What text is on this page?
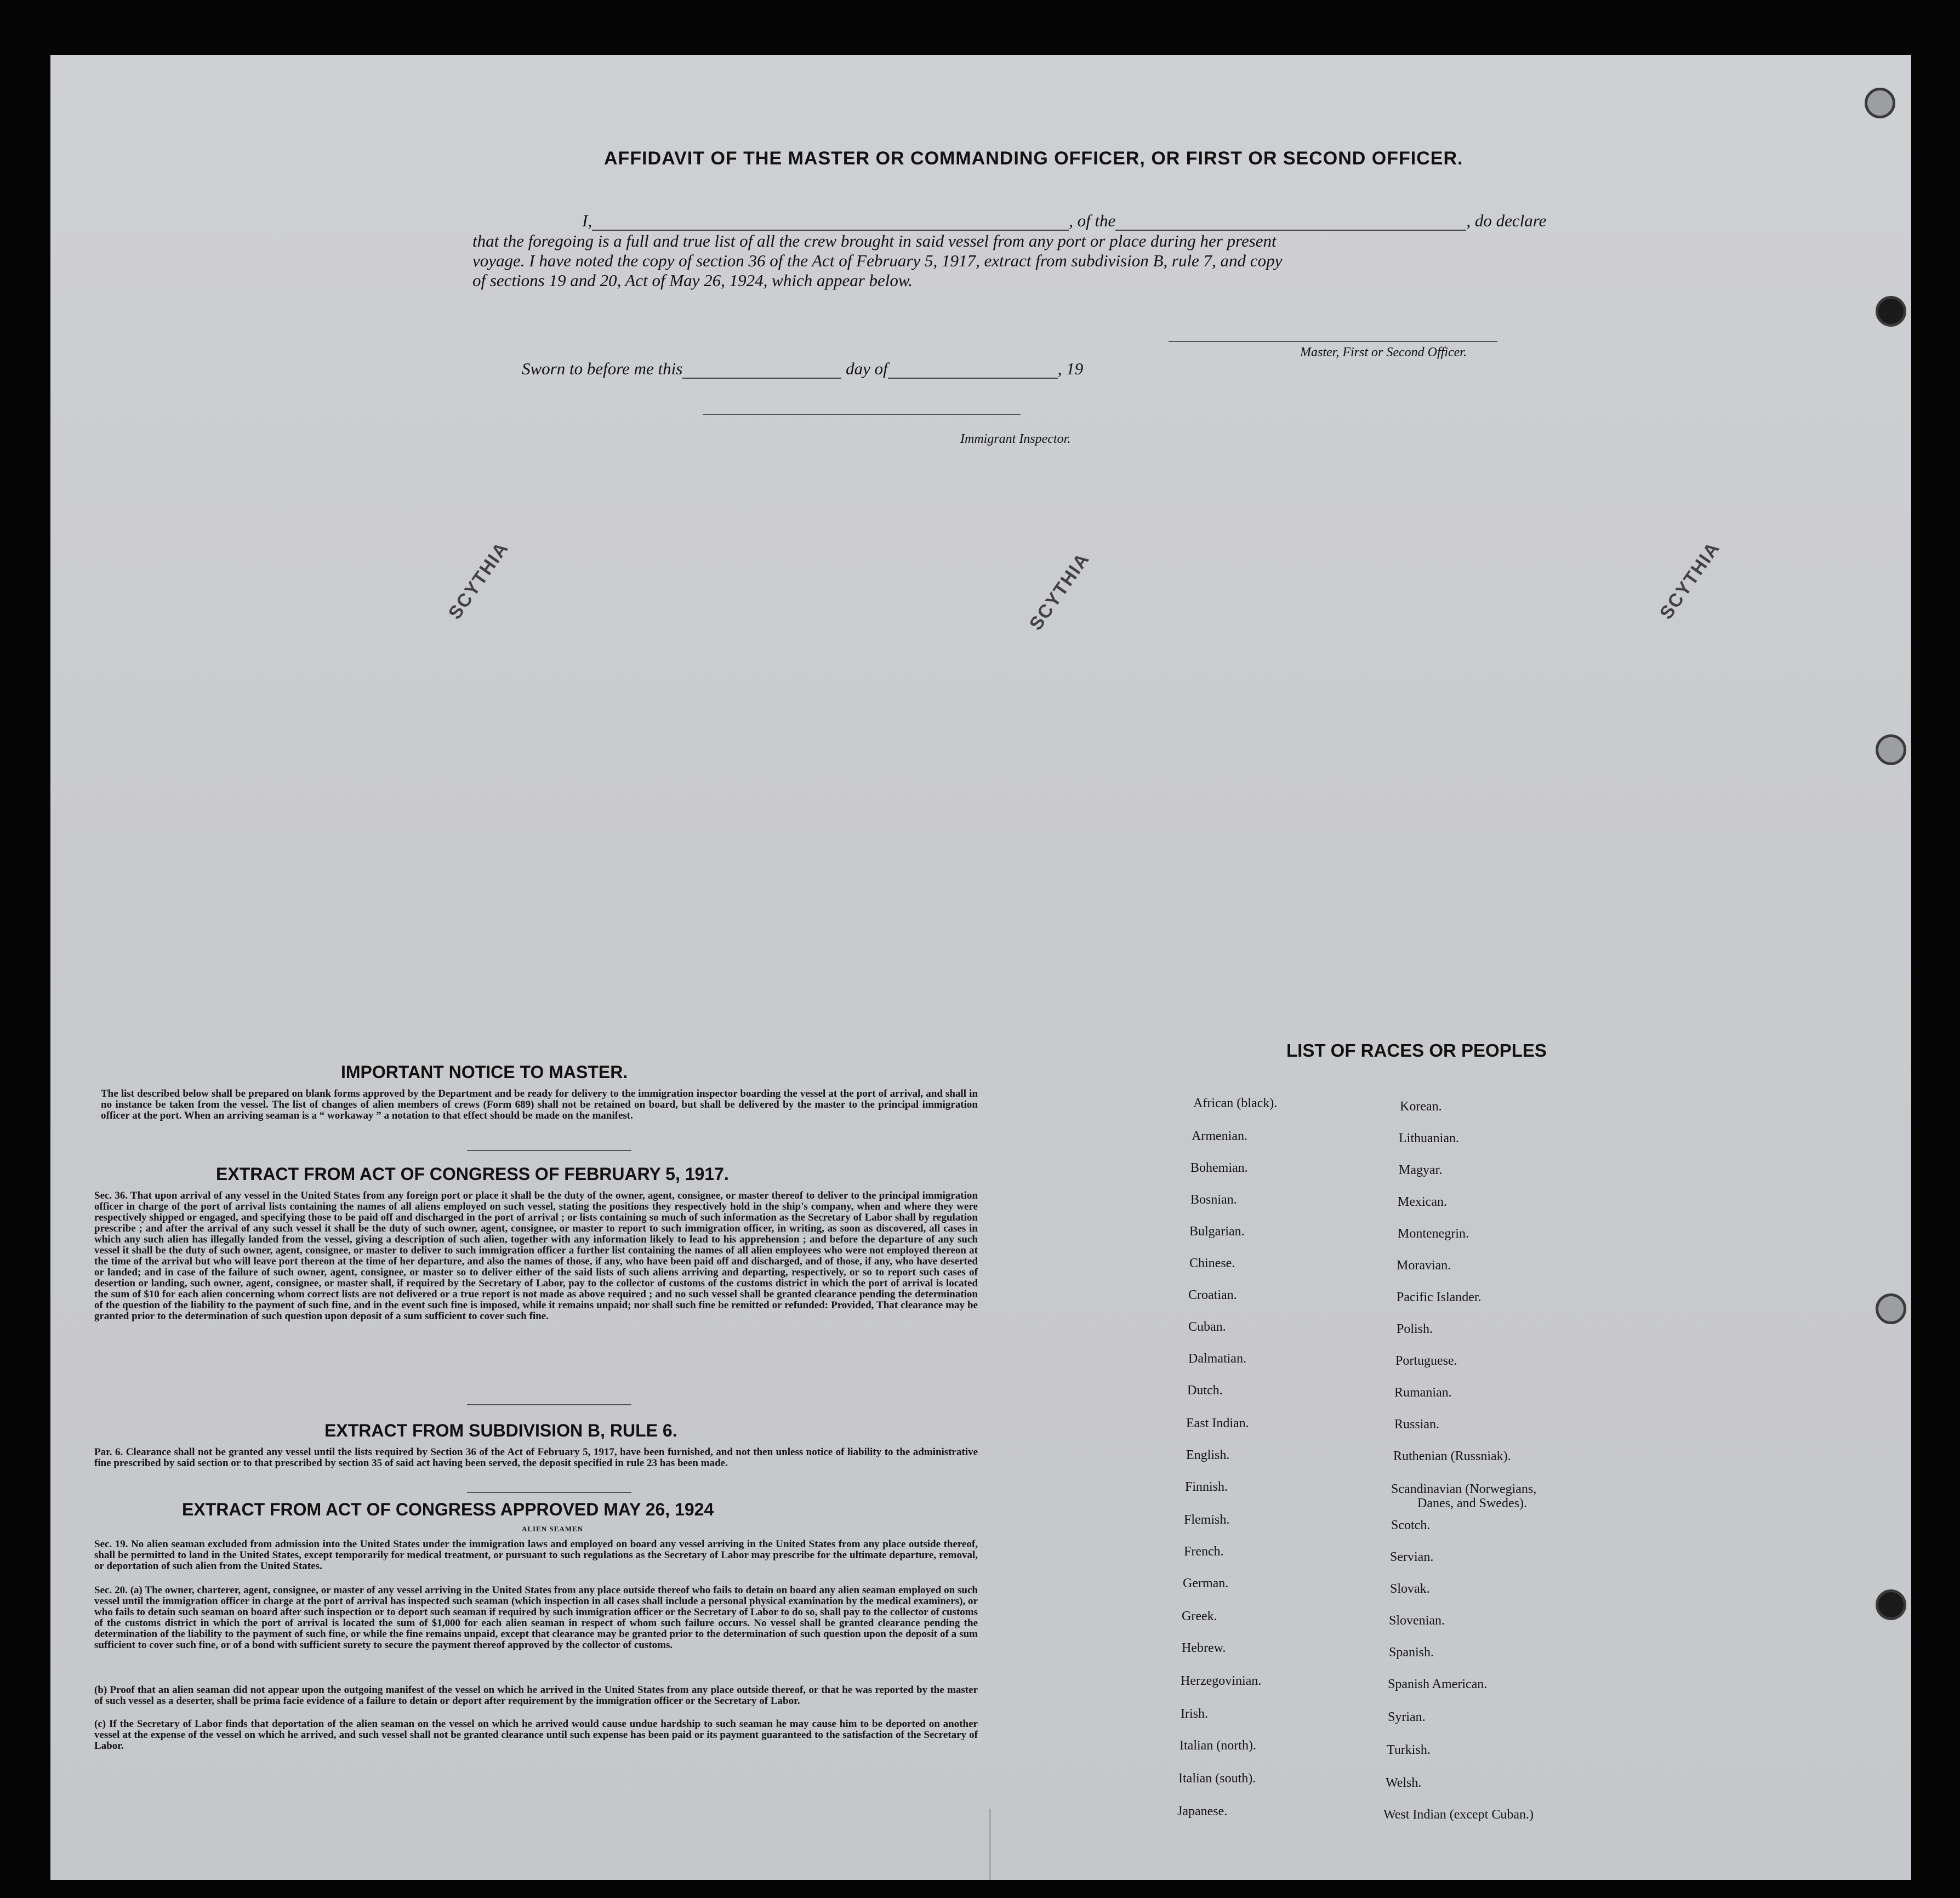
AFFIDAVIT OF THE MASTER OR COMMANDING OFFICER, OR FIRST OR SECOND OFFICER.
I,	, of the	, do declare
that the foregoing is a full and true list of all the crew brought in said vessel from any port or place during her present
voyage. I have noted the copy of section 36 of the Act of February 5, 1917, extract from subdivision B, rule 7, and copy
of sections 19 and 20, Act of May 26, 1924, which appear below.
Master, First or Second Officer.
Sworn to before me this	day of	, 19
Immigrant Inspector.
SCYTHIA	SCYTHIA	SCYTHIA
IMPORTANT NOTICE TO MASTER.
The list described below shall be prepared on blank forms approved by the Department and be ready for delivery to the immigration inspector boarding the vessel at the port of arrival, and shall in no instance be taken from the vessel. The list of changes of alien members of crews (Form 689) shall not be retained on board, but shall be delivered by the master to the principal immigration officer at the port. When an arriving seaman is a “ workaway ” a notation to that effect should be made on the manifest.
EXTRACT FROM ACT OF CONGRESS OF FEBRUARY 5, 1917.
Sec. 36. That upon arrival of any vessel in the United States from any foreign port or place it shall be the duty of the owner, agent, consignee, or master thereof to deliver to the principal immigration officer in charge of the port of arrival lists containing the names of all aliens employed on such vessel, stating the positions they respectively hold in the ship's company, when and where they were respectively shipped or engaged, and specifying those to be paid off and discharged in the port of arrival ; or lists containing so much of such information as the Secretary of Labor shall by regulation prescribe ; and after the arrival of any such vessel it shall be the duty of such owner, agent, consignee, or master to report to such immigration officer, in writing, as soon as discovered, all cases in which any such alien has illegally landed from the vessel, giving a description of such alien, together with any information likely to lead to his apprehension ; and before the departure of any such vessel it shall be the duty of such owner, agent, consignee, or master to deliver to such immigration officer a further list containing the names of all alien employees who were not employed thereon at the time of the arrival but who will leave port thereon at the time of her departure, and also the names of those, if any, who have been paid off and discharged, and of those, if any, who have deserted or landed; and in case of the failure of such owner, agent, consignee, or master so to deliver either of the said lists of such aliens arriving and departing, respectively, or so to report such cases of desertion or landing, such owner, agent, consignee, or master shall, if required by the Secretary of Labor, pay to the collector of customs of the customs district in which the port of arrival is located the sum of $10 for each alien concerning whom correct lists are not delivered or a true report is not made as above required ; and no such vessel shall be granted clearance pending the determination of the question of the liability to the payment of such fine, and in the event such fine is imposed, while it remains unpaid; nor shall such fine be remitted or refunded: Provided, That clearance may be granted prior to the determination of such question upon deposit of a sum sufficient to cover such fine.
EXTRACT FROM SUBDIVISION B, RULE 6.
Par. 6. Clearance shall not be granted any vessel until the lists required by Section 36 of the Act of February 5, 1917, have been furnished, and not then unless notice of liability to the administrative fine prescribed by said section or to that prescribed by section 35 of said act having been served, the deposit specified in rule 23 has been made.
EXTRACT FROM ACT OF CONGRESS APPROVED MAY 26, 1924
ALIEN SEAMEN
Sec. 19. No alien seaman excluded from admission into the United States under the immigration laws and employed on board any vessel arriving in the United States from any place outside thereof, shall be permitted to land in the United States, except temporarily for medical treatment, or pursuant to such regulations as the Secretary of Labor may prescribe for the ultimate departure, removal, or deportation of such alien from the United States.
Sec. 20. (a) The owner, charterer, agent, consignee, or master of any vessel arriving in the United States from any place outside thereof who fails to detain on board any alien seaman employed on such vessel until the immigration officer in charge at the port of arrival has inspected such seaman (which inspection in all cases shall include a personal physical examination by the medical examiners), or who fails to detain such seaman on board after such inspection or to deport such seaman if required by such immigration officer or the Secretary of Labor to do so, shall pay to the collector of customs of the customs district in which the port of arrival is located the sum of $1,000 for each alien seaman in respect of whom such failure occurs. No vessel shall be granted clearance pending the determination of the liability to the payment of such fine, or while the fine remains unpaid, except that clearance may be granted prior to the determination of such question upon the deposit of a sum sufficient to cover such fine, or of a bond with sufficient surety to secure the payment thereof approved by the collector of customs.
(b) Proof that an alien seaman did not appear upon the outgoing manifest of the vessel on which he arrived in the United States from any place outside thereof, or that he was reported by the master of such vessel as a deserter, shall be prima facie evidence of a failure to detain or deport after requirement by the immigration officer or the Secretary of Labor.
(c) If the Secretary of Labor finds that deportation of the alien seaman on the vessel on which he arrived would cause undue hardship to such seaman he may cause him to be deported on another vessel at the expense of the vessel on which he arrived, and such vessel shall not be granted clearance until such expense has been paid or its payment guaranteed to the satisfaction of the Secretary of Labor.
LIST OF RACES OR PEOPLES
African (black).
Armenian.
Bohemian.
Bosnian.
Bulgarian.
Chinese.
Croatian.
Cuban.
Dalmatian.
Dutch.
East Indian.
English.
Finnish.
Flemish.
French.
German.
Greek.
Hebrew.
Herzegovinian.
Irish.
Italian (north).
Italian (south).
Japanese.
Korean.
Lithuanian.
Magyar.
Mexican.
Montenegrin.
Moravian.
Pacific Islander.
Polish.
Portuguese.
Rumanian.
Russian.
Ruthenian (Russniak).
Scandinavian (Norwegians,
Danes, and Swedes).
Scotch.
Servian.
Slovak.
Slovenian.
Spanish.
Spanish American.
Syrian.
Turkish.
Welsh.
West Indian (except Cuban.)
